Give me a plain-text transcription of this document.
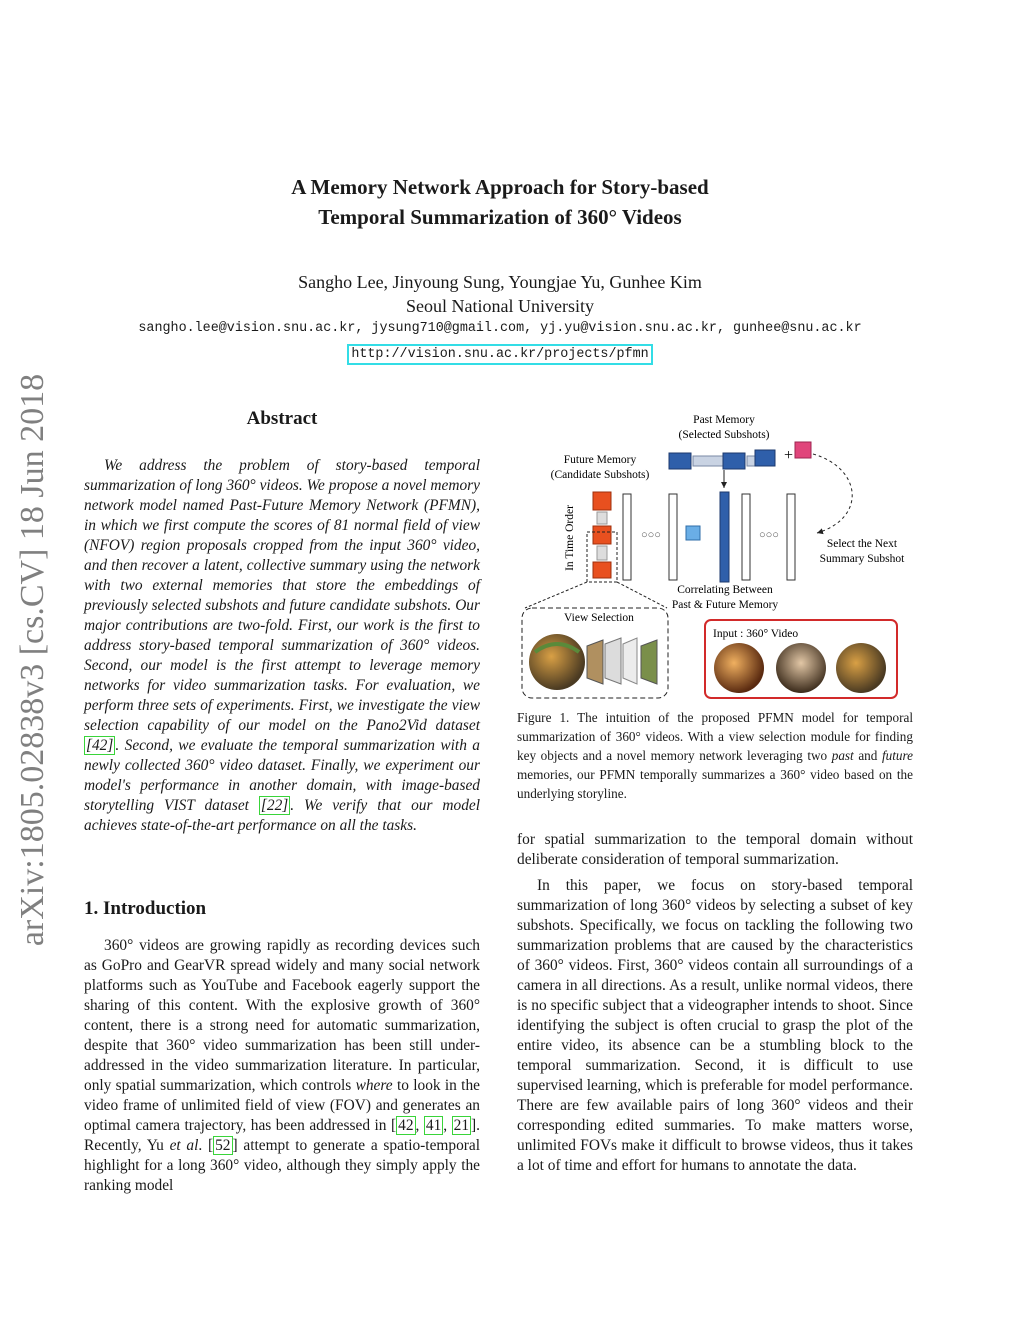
A Memory Network Approach for Story-based
Temporal Summarization of 360° Videos
Sangho Lee, Jinyoung Sung, Youngjae Yu, Gunhee Kim
Seoul National University
sangho.lee@vision.snu.ac.kr, jysung710@gmail.com, yj.yu@vision.snu.ac.kr, gunhee@snu.ac.kr
http://vision.snu.ac.kr/projects/pfmn
arXiv:1805.02838v3 [cs.CV] 18 Jun 2018	Abstract

We address the problem of story-based temporal summarization of long 360° videos. We propose a novel memory network model named Past-Future Memory Network (PFMN), in which we first compute the scores of 81 normal field of view (NFOV) region proposals cropped from the input 360° video, and then recover a latent, collective summary using the network with two external memories that store the embeddings of previously selected subshots and future candidate subshots. Our major contributions are two-fold. First, our work is the first to address story-based temporal summarization of 360° videos. Second, our model is the first attempt to leverage memory networks for video summarization tasks. For evaluation, we perform three sets of experiments. First, we investigate the view selection capability of our model on the Pano2Vid dataset [42] . Second, we evaluate the temporal summarization with a newly collected 360° video dataset. Finally, we experiment our model's performance in another domain, with image-based storytelling VIST dataset [22] . We verify that our model achieves state-of-the-art performance on all the tasks.

1. Introduction

360° videos are growing rapidly as recording devices such as GoPro and GearVR spread widely and many social network platforms such as YouTube and Facebook eagerly support the sharing of this content. With the explosive growth of 360° content, there is a strong need for automatic summarization, despite that 360° video summarization has been still under-addressed in the video summarization literature. In particular, only spatial summarization, which controls where to look in the video frame of unlimited field of view (FOV) and generates an optimal camera trajectory, has been addressed in [ 42 , 41 , 21 ]. Recently, Yu et al. [ 52 ] attempt to generate a spatio-temporal highlight for a long 360° video, although they simply apply the ranking model

for spatial summarization to the temporal domain without deliberate consideration of temporal summarization.

In this paper, we focus on story-based temporal summarization of long 360° videos by selecting a subset of key subshots. Specifically, we focus on tackling the following two summarization problems that are caused by the characteristics of 360° videos. First, 360° videos contain all surroundings of a camera in all directions. As a result, unlike normal videos, there is no specific subject that a videographer intends to shoot. Since identifying the subject is often crucial to grasp the plot of the entire video, its absence can be a stumbling block to the temporal summarization. Second, it is difficult to use supervised learning, which is preferable for model performance. There are few available pairs of long 360° videos and their corresponding edited summaries. To make matters worse, unlimited FOVs make it difficult to browse videos, thus it takes a lot of time and effort for humans to annotate the data.

Past Memory
(Selected Subshots)
Future Memory
(Candidate Subshots)
+
Select the Next
Summary Subshot
In Time Order	○○○	○○○
Correlating Between
Past & Future Memory
View Selection
Input : 360° Video

Figure 1. The intuition of the proposed PFMN model for temporal summarization of 360° videos. With a view selection module for finding key objects and a novel memory network leveraging two past and future memories, our PFMN temporally summarizes a 360° video based on the underlying storyline.
